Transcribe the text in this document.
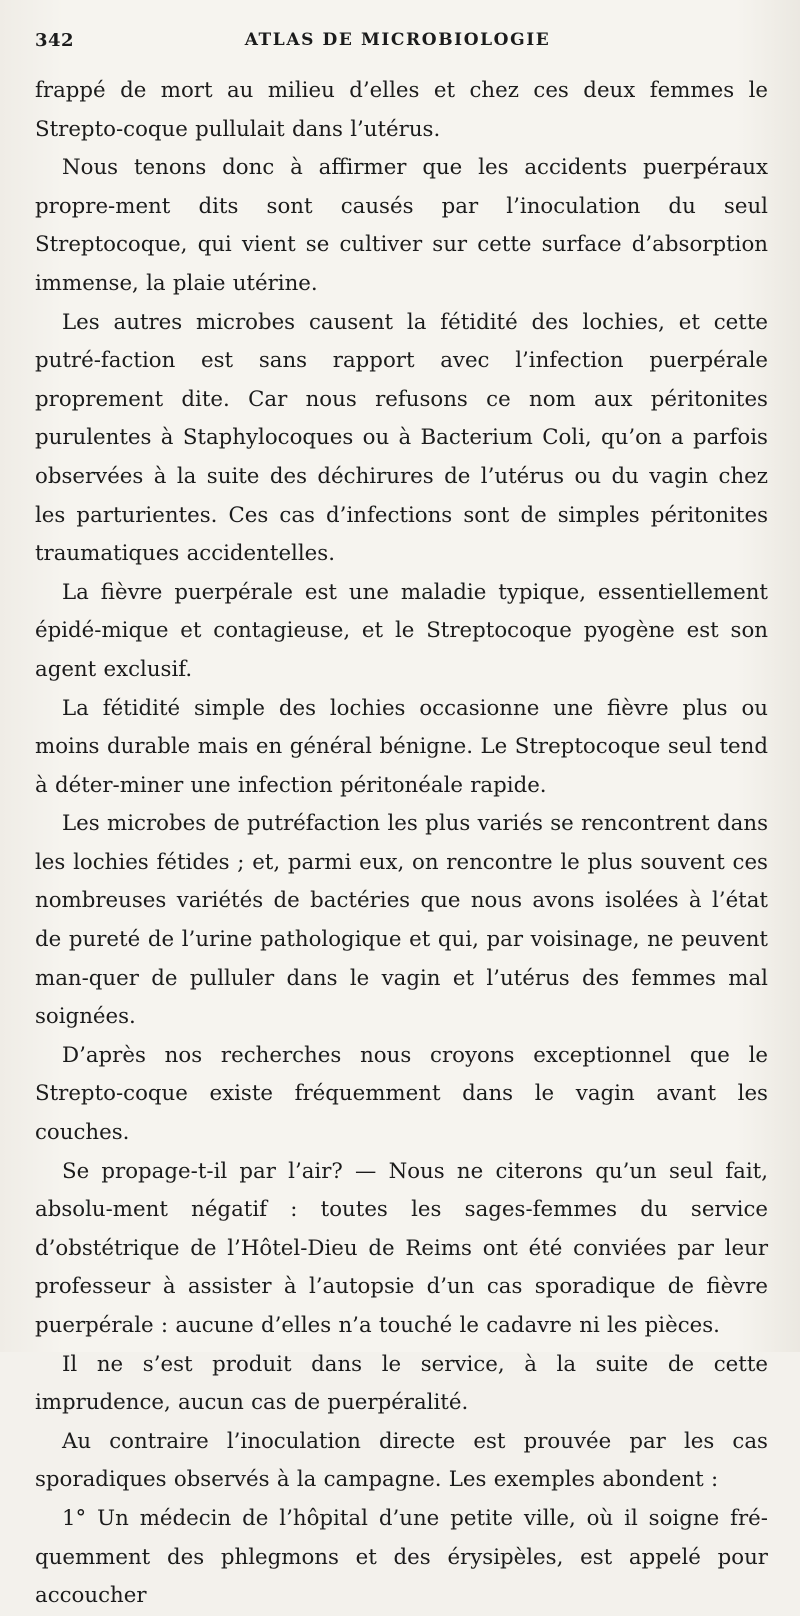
342	ATLAS DE MICROBIOLOGIE

frappé de mort au milieu d’elles et chez ces deux femmes le Strepto-coque pullulait dans l’utérus.

Nous tenons donc à affirmer que les accidents puerpéraux propre-ment dits sont causés par l’inoculation du seul Streptocoque, qui vient se cultiver sur cette surface d’absorption immense, la plaie utérine.

Les autres microbes causent la fétidité des lochies, et cette putré-faction est sans rapport avec l’infection puerpérale proprement dite. Car nous refusons ce nom aux péritonites purulentes à Staphylocoques ou à Bacterium Coli, qu’on a parfois observées à la suite des déchirures de l’utérus ou du vagin chez les parturientes. Ces cas d’infections sont de simples péritonites traumatiques accidentelles.

La fièvre puerpérale est une maladie typique, essentiellement épidé-mique et contagieuse, et le Streptocoque pyogène est son agent exclusif.

La fétidité simple des lochies occasionne une fièvre plus ou moins durable mais en général bénigne. Le Streptocoque seul tend à déter-miner une infection péritonéale rapide.

Les microbes de putréfaction les plus variés se rencontrent dans les lochies fétides ; et, parmi eux, on rencontre le plus souvent ces nombreuses variétés de bactéries que nous avons isolées à l’état de pureté de l’urine pathologique et qui, par voisinage, ne peuvent man-quer de pulluler dans le vagin et l’utérus des femmes mal soignées.

D’après nos recherches nous croyons exceptionnel que le Strepto-coque existe fréquemment dans le vagin avant les couches.

Se propage-t-il par l’air? — Nous ne citerons qu’un seul fait, absolu-ment négatif : toutes les sages-femmes du service d’obstétrique de l’Hôtel-Dieu de Reims ont été conviées par leur professeur à assister à l’autopsie d’un cas sporadique de fièvre puerpérale : aucune d’elles n’a touché le cadavre ni les pièces.

Il ne s’est produit dans le service, à la suite de cette imprudence, aucun cas de puerpéralité.

Au contraire l’inoculation directe est prouvée par les cas sporadiques observés à la campagne. Les exemples abondent :

1° Un médecin de l’hôpital d’une petite ville, où il soigne fré-quemment des phlegmons et des érysipèles, est appelé pour accoucher
